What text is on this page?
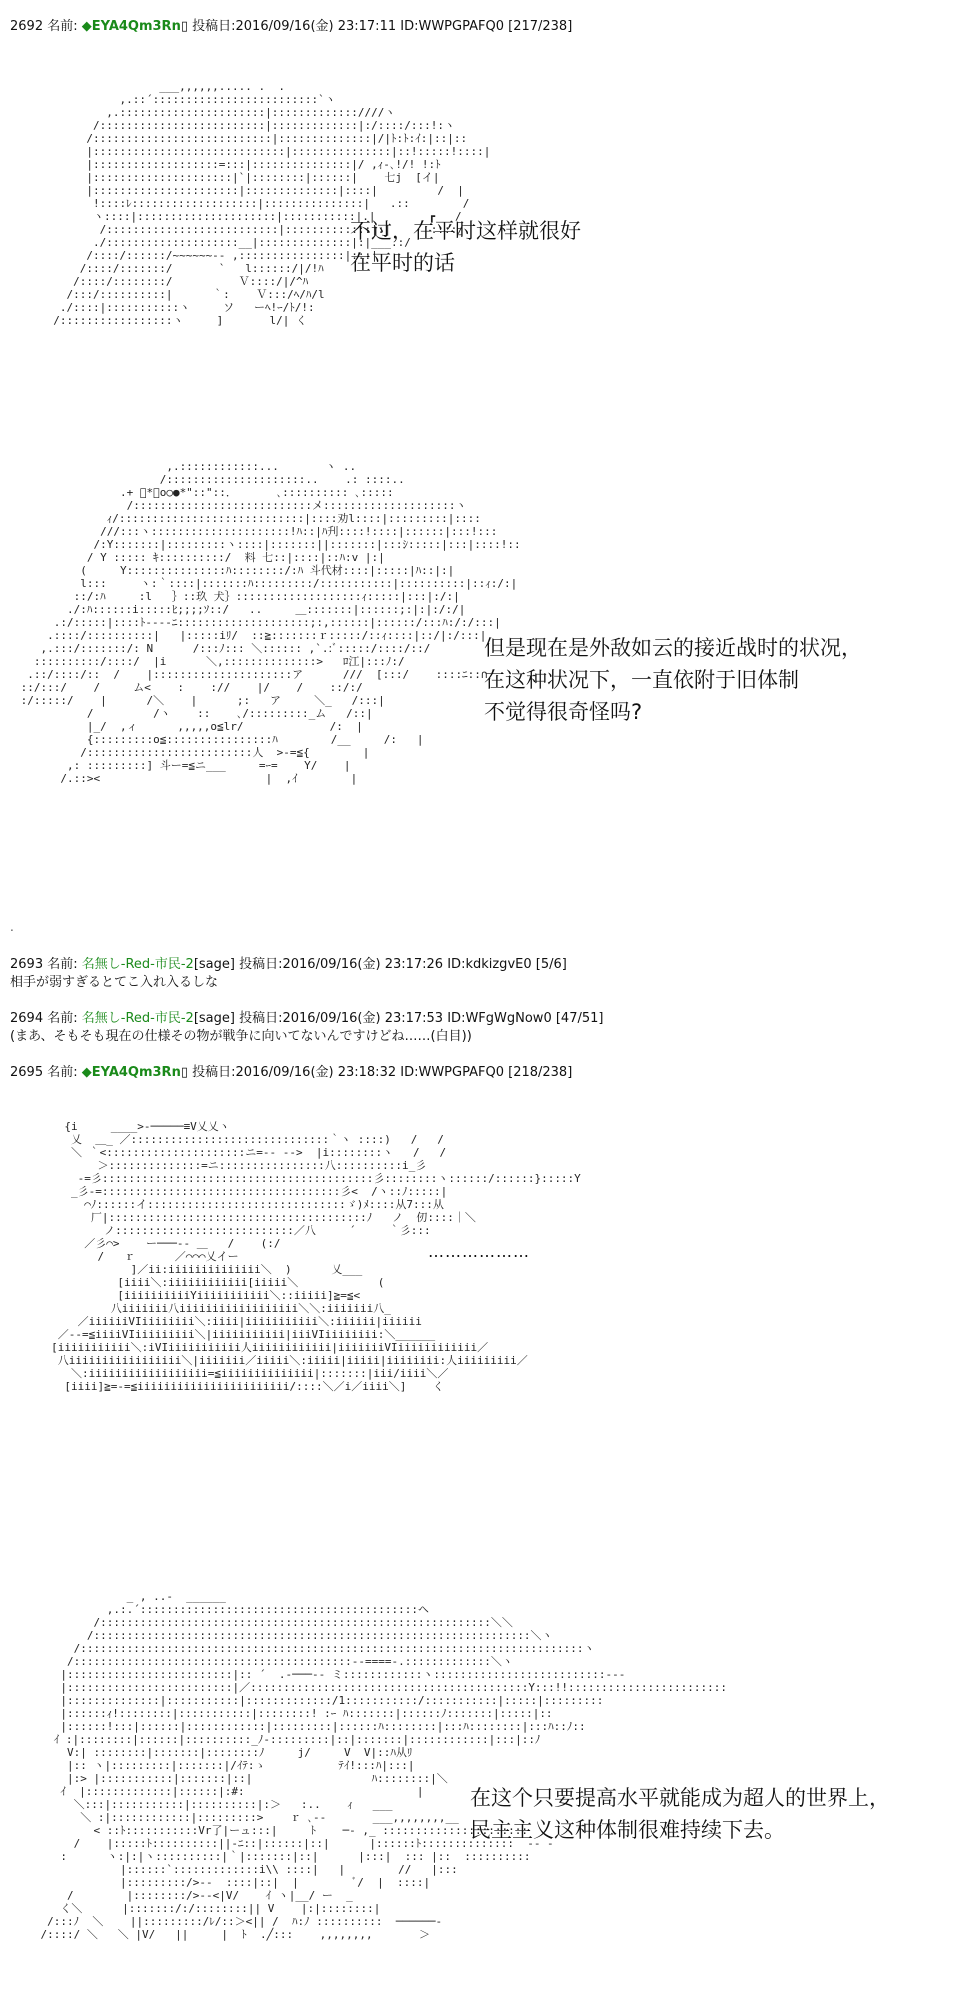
2692 名前: ◆EYA4Qm3Rn▯ 投稿日:2016/09/16(金) 23:17:11 ID:WWPGPAFQ0 [217/238]
___,,,,,,..... .  .
,.::´:::::::::::::::::::::::::`ヽ
,.::::::::::::::::::::::|:::::::::::::////ヽ
/:::::::::::::::::::::::::|:::::::::::::|:/::::/:::!:ヽ
/:::::::::::::::::::::::::::|::::::::::::::|/|ﾄ:ﾄ:ｲ:|::|::
|:::::::::::::::::::::::::::::|:::::::::::::::|::!:::::!::::|
|:::::::::::::::::::=:::|:::::::::::::::|/ ,ｨ-､!/! !:ﾄ
|:::::::::::::::::::::|`|::::::::|::::::|    七j  [イ|
|::::::::::::::::::::::|::::::::::::::|::::|         /  |
!::::ﾚ:::::::::::::::::::|:::::::::::::::|   .::        /
ヽ::::|:::::::::::::::::::::|:::::::::::|.|        ┏   /
/::::::::::::::::::::::::::|:::::::::::::|:|      ::::/
./::::::::::::::::::::__|::::::::::::::|:|___.:/
/::::/::::::/~~~~~~-- ,::::::::::::::::|:::|
/::::/:::::::/       `   l::::::/|/!ﾊ
/::::/::::::::/          Ｖ::::/|/^ﾊ
/:::/::::::::::|      ｀:    Ｖ:::/ﾍ/ﾊ/l
./::::|:::::::::::ヽ     ソ   ーﾍ!ｰ/ﾄ/!:
/:::::::::::::::::ヽ     ]       l/| く
不过，在平时这样就很好
在平时的话
,.::::::::::::...       ヽ ..
/:::::::::::::::::::::..    .: ::::..
.+ ﾟ*｡o○●*"::"::．      ､:::::::::: ､:::::
/:::::::::::::::::::::::::::メ::::::::::::::::::::ヽ
ｨ/::::::::::::::::::::::::::::|::::劝l::::|:::::::::|::::
///:::ヽ:::::::::::::::::::::!ﾊ::|ﾊ刋::::!::::|::::::|:::!:::
/:Y:::::::|:::::::::ヽ::::|:::::::||:::::::|:::ｼ:::::|:::|::::!::
/ Y ::::: ｷ::::::::::/  料 七::|::::|::ﾊ:v |:|
(     Y:::::::::::::::ﾊ::::::::/:ﾊ 斗代材::::|:::::|ﾊ::|:|
l:::     ヽ:｀::::|:::::::ﾊ:::::::::/:::::::::::|::::::::::|::ｨ:/:|
::/:ﾊ     :l   ｝::玖 犬｝:::::::::::::::::::ｨ:::::|:::|:/:|
./:ﾊ::::::i:::::ﾋ;;;;ｿ::/   ..     ＿:::::::|::::::;:|:|:/:/|
.:/:::::|::::ﾄ----ﾆ::::::::::::::::::::;:,::::::|::::::/:::ﾊ:/:/:::|
.::::/::::::::::|   |:::::iﾘ/  ::≧:::::::ｒ:::::/::ｨ::::|::/|:/:::|
,.:::/:::::::/: N      /:::ﾉ::: ＼:::::: ,`.:ﾞ:::::/::::/::/
::::::::::/::::/  |i      ＼,::::::::::::::>   ﾛ江|:::ﾉ:/
.::/::::/::  /    |:::::::::::::::::::::ア      ///  [:::/    ::::ﾆ::∩
::/:::/    /     ム<    :    ://    |/    /    ::/:/
:/:::::/    |      /＼    |      ;:   ア     ＼_   /:::|
/         /ヽ    ::    ､/:::::::::_ム   /::|
|_/  ,ィ      ,,,,,o≦lr/             /:  |
{:::::::::o≦::::::::::::::::ﾊ        /__     /:   |
/:::::::::::::::::::::::::人  >-=≦{        |
,: :::::::::] 斗ー=≦ニ___     =ｰ=    Y/    |
/.::><                         |  ,ｲ        |
但是现在是外敌如云的接近战时的状况，
在这种状况下，一直依附于旧体制
不觉得很奇怪吗?
.
2693 名前: 名無し-Red-市民-2[sage] 投稿日:2016/09/16(金) 23:17:26 ID:kdkizgvE0 [5/6]
相手が弱すぎるとてこ入れ入るしな
2694 名前: 名無し-Red-市民-2[sage] 投稿日:2016/09/16(金) 23:17:53 ID:WFgWgNow0 [47/51]
(まあ、そもそも現在の仕様その物が戦争に向いてないんですけどね……(白目))
2695 名前: ◆EYA4Qm3Rn▯ 投稿日:2016/09/16(金) 23:18:32 ID:WWPGPAFQ0 [218/238]
{i     ____>-─────≡V乂乂ヽ
乂  ＿_ ／::::::::::::::::::::::::::::::｀ヽ ::::)   /   /
＼ ｀<:::::::::::::::::::::ニ=-- -->  |i::::::::ヽ   /   /
＞::::::::::::::=ニ::::::::::::::::八::::::::::i_彡
-=彡:::::::::::::::::::::::::::::::::::::::::彡::::::::ヽ::::::/::::::}:::::Y
_彡-=::::::::::::::::::::::::::::::::::::彡<  /ヽ::ﾉ:::::|
⌒ﾉ::::::イ::::::::::::::::::::::::::::::ゞ)ﾒ::::从7:::从
厂|:::::::::::::::::::::::::::::::::::::::ﾉ   ノ  仞::::｜＼
ノ:::::::::::::::::::::::::::／八     ´     ｀彡:::
／彡⌒>    ー───-- ＿   /    (:/
/   ｒ      ／⌒⌒⌒乂イー
]／ii:iiiiiiiiiiiiii＼  )      乂___
[iiii＼:iiiiiiiiiiii[iiiii＼            (
[iiiiiiiiiiYiiiiiiiiiii＼::iiiii]≧=≦<
八iiiiiii八iiiiiiiiiiiiiiiiii＼＼:iiiiiii八_
／iiiiiiVIiiiiiiii＼:iiii|iiiiiiiiiii＼:iiiiii|iiiiii
／--=≦iiiiVIiiiiiiiii＼|iiiiiiiiiii|iiiVIiiiiiiii:＼______
[iiiiiiiiiii＼:iVIiiiiiiiiiii人iiiiiiiiiiii|iiiiiiiVIiiiiiiiiiiii／
八iiiiiiiiiiiiiiiii＼|iiiiiii／iiiii＼:iiiii|iiiii|iiiiiiii:人iiiiiiiii／
＼:iiiiiiiiiiiiiiiiii=≦iiiiiiiiiiiiii|:::::::|iii/iiii＼／
[iiii]≧=-=≦iiiiiiiiiiiiiiiiiiiiiii/::::＼／i／iiii＼]    く
………………
_ , ..-  ______
,.:.´::::::::::::::::::::::::::::::::::::::::::ヘ
/:::::::::::::::::::::::::::::::::::::::::::::::::::::::::::＼＼
/::::::::::::::::::::::::::::::::::::::::::::::::::::::::::::::::::＼ヽ
/::::::::::::::::::::::::::::::::::::::::::::::::::::::::::::::::::::::::::::ヽ
/::::::::::::::::::::::::::::::::::::::::::--====-.:::::::::::::＼ヽ
|:::::::::::::::::::::::::|:: ´  .-───-- ミ::::::::::::ヽ::::::::::::::::::::::::::---
|:::::::::::::::::::::::::|／::::::::::::::::::::::::::::::::::::::::::Y:::!!::::::::::::::::::::::::
|::::::::::::::|:::::::::::|:::::::::::::/1:::::::::::/:::::::::::|:::::|:::::::::
|::::::ｨ!::::::::|:::::::::::|::::::::! :ｰ ﾊ:::::::|::::::ﾉ:::::::|:::::|::
|::::::!:::|::::::|::::::::::::|:::::::::|::::::ﾊ::::::::|:::ﾊ::::::::|:::ﾊ::ﾉ::
ｲ :|::::::::|::::::|::::::::::_ﾉ-:::::::::|::|:::::::|::::::::::::|:::|::ﾉ
V:| ::::::::|:::::::|::::::::ﾉ     j/     V  V|::ﾊ从ﾘ
|:: ヽ|:::::::::|:::::::|/ｲﾃ:ゝ           ﾃｲ!:::ﾊ|:::|
|:> |:::::::::::|:::::::|::|                  ﾊ::::::::|＼
ｲ  |:::::::::::::|::::::|:#:                          |
＼:::|:::::::::::|::::::::::|:＞   :..    ｨ   ___
＼ :|::::::::::::|:::::::::>    ｒ ､--       ___,,,,,,,,__
< ::ﾄ:::::::::::Vr了|ーュ:::|     ﾄ    ─- ,_ ::::::::::::::::::::::
/    |:::::ﾄ::::::::::||‐ﾆ::|::::::|::|      |::::::ﾄ::::::::::::::  -- -
:      ヽ:|:|ヽ::::::::::|｀|:::::::|::|      |:::|  ::: |::  ::::::::::
|::::::`:::::::::::::i\\ ::::|   |        //   |:::
|:::::::::/>--  ::::|::|  |        ﾞ/  |  ::::|
/        |::::::::/>--<|V/    ｲ ヽ|__/ ー  _
く＼      |:::::::/:/::::::::|| V    |:|::::::::|
/:::ﾉ  ＼    ||:::::::::/ﾚ/::＞<|| /  ﾊ:ﾉ ::::::::::  ──────-
/::::/ ＼   ＼ |V/   ||     |  ﾄ  .╱:::    ,,,,,,,,       ＞
在这个只要提高水平就能成为超人的世界上，
民主主义这种体制很难持续下去。
